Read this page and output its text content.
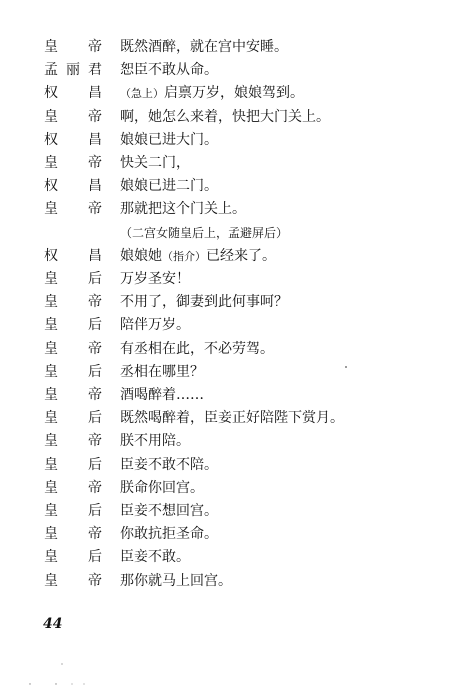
皇 帝 既然酒醉，就在宫中安睡。
孟 丽 君 恕臣不敢从命。
权 昌 （急上）启禀万岁，娘娘驾到。
皇 帝 啊，她怎么来着，快把大门关上。
权 昌 娘娘已进大门。
皇 帝 快关二门，
权 昌 娘娘已进二门。
皇 帝 那就把这个门关上。
（二宫女随皇后上，孟避屏后）
权 昌 娘娘她（指介）已经来了。
皇 后 万岁圣安！
皇 帝 不用了，御妻到此何事呵？
皇 后 陪伴万岁。
皇 帝 有丞相在此，不必劳驾。
皇 后 丞相在哪里？
皇 帝 酒喝醉着……
皇 后 既然喝醉着，臣妾正好陪陛下赏月。
皇 帝 朕不用陪。
皇 后 臣妾不敢不陪。
皇 帝 朕命你回宫。
皇 后 臣妾不想回宫。
皇 帝 你敢抗拒圣命。
皇 后 臣妾不敢。
皇 帝 那你就马上回宫。
44
